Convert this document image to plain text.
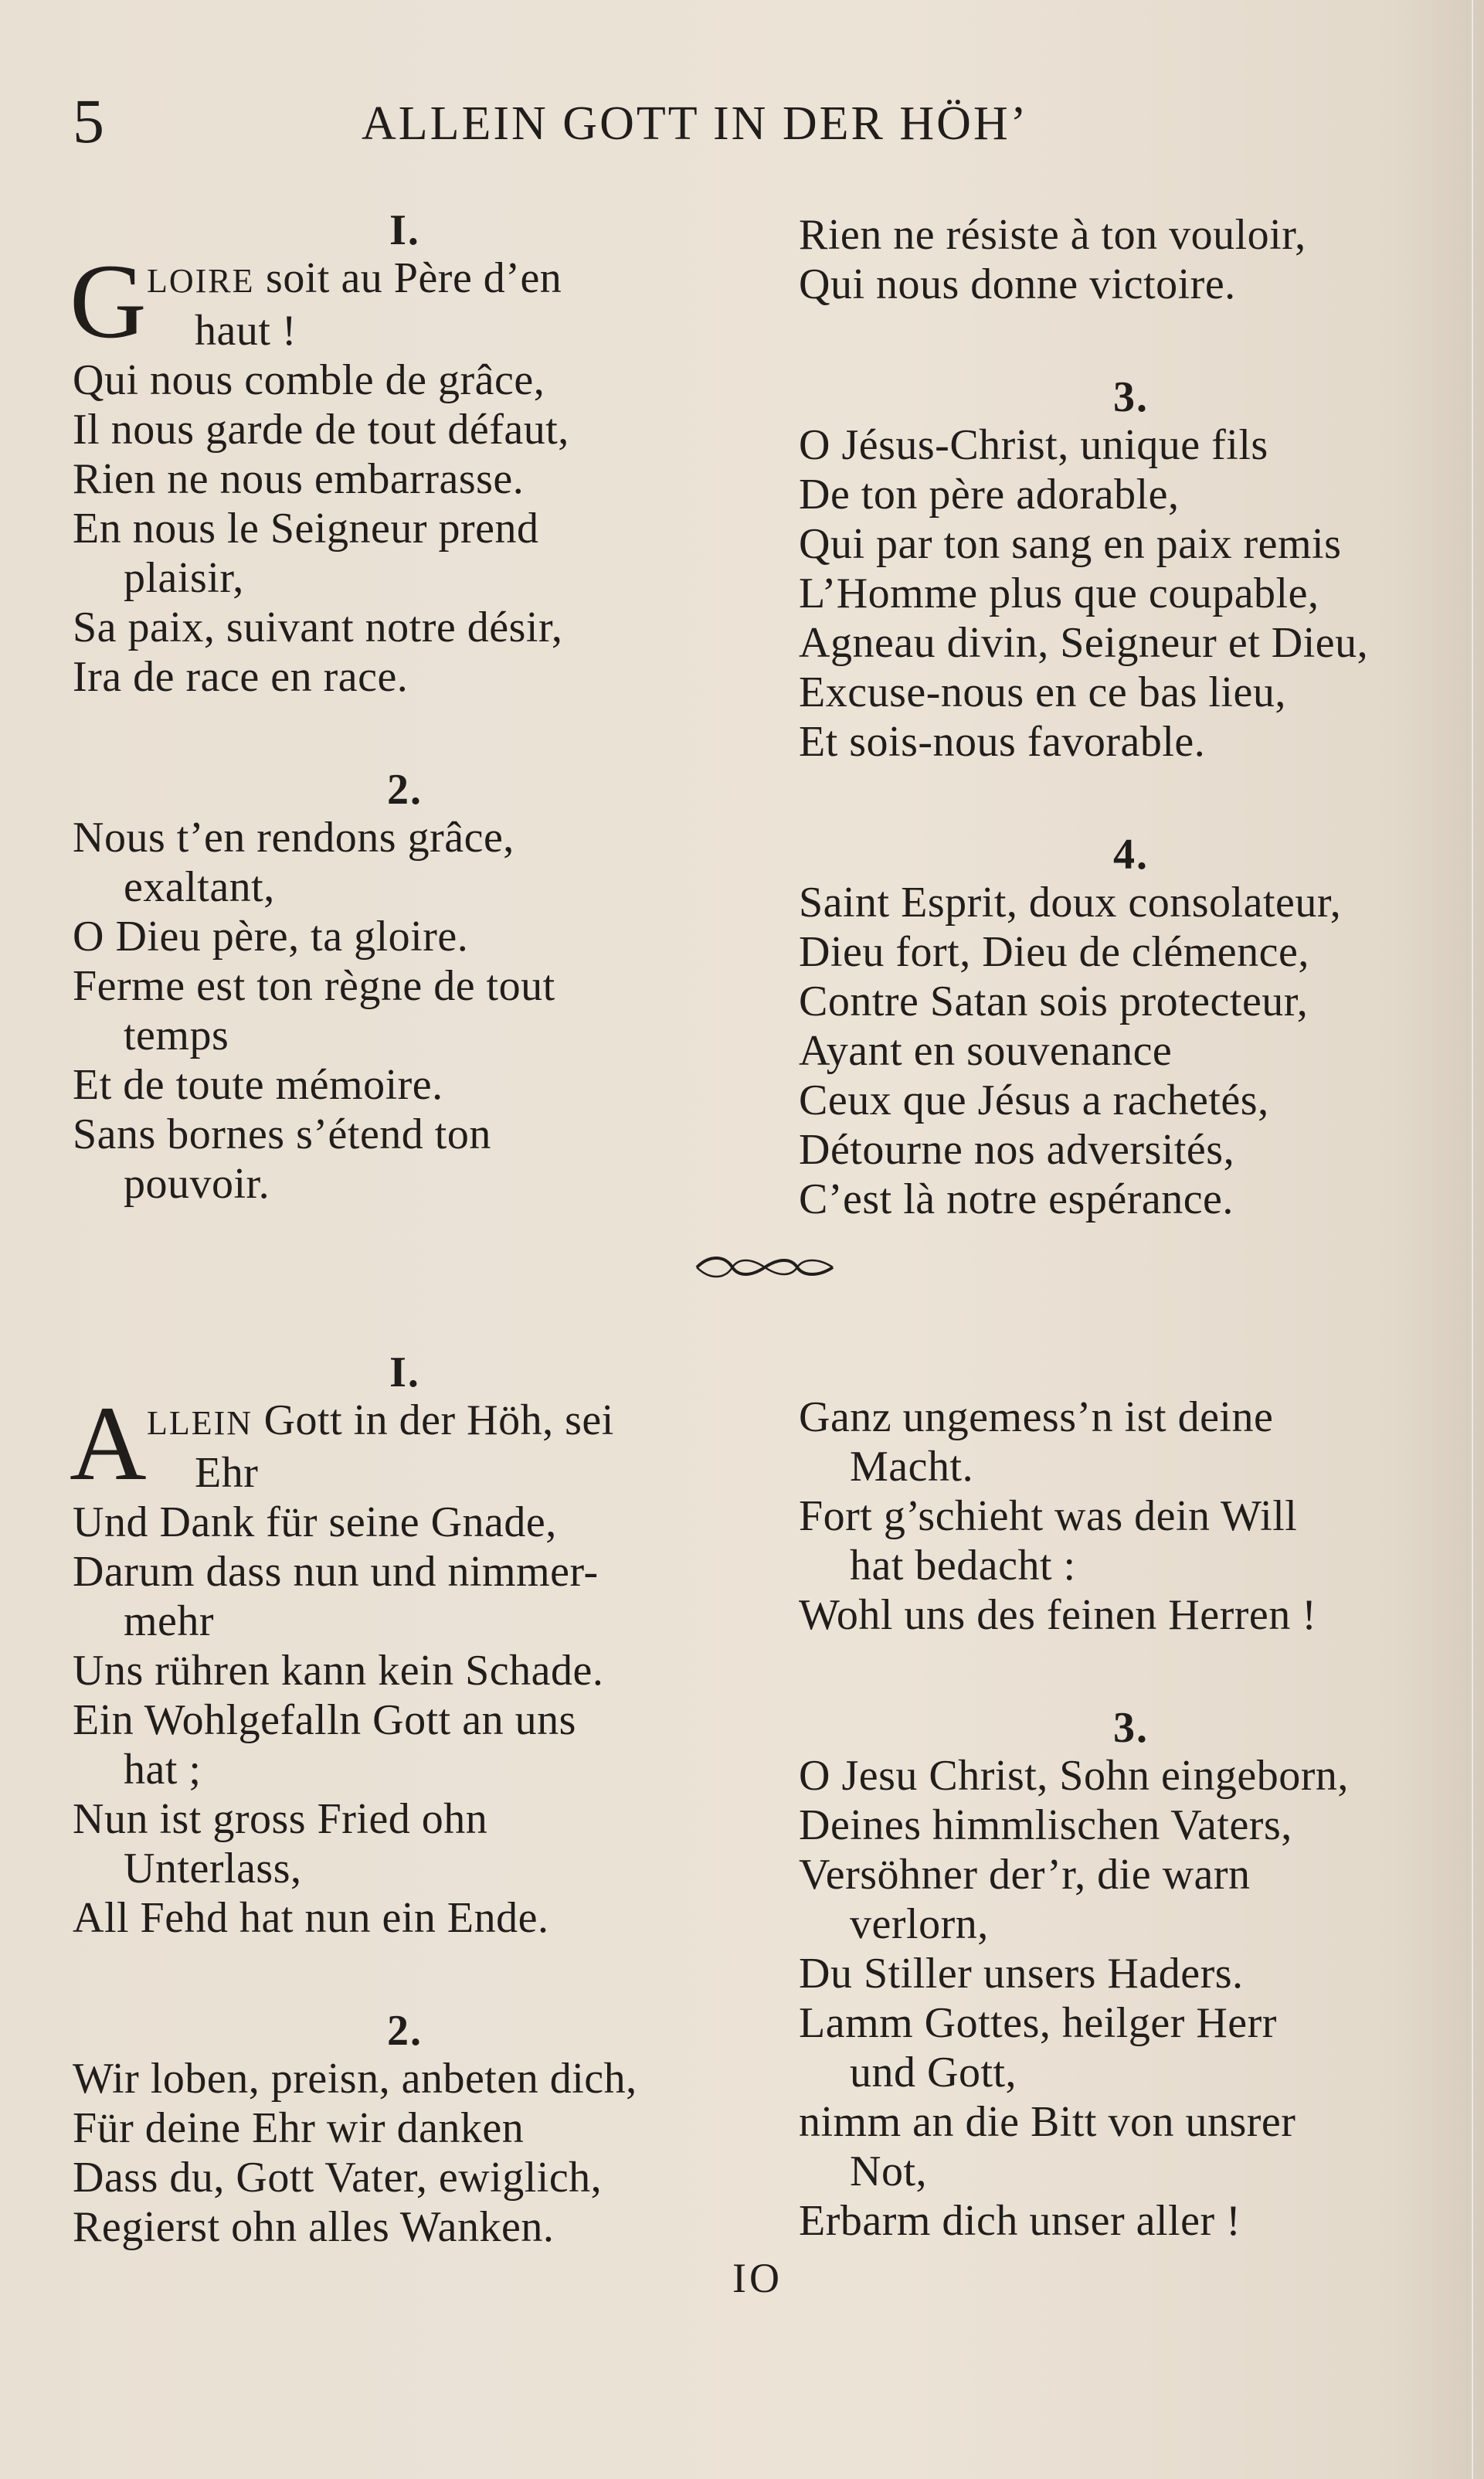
5	ALLEIN GOTT IN DER HÖH’
I.
G LOIRE soit au Père d’en
haut !
Qui nous comble de grâce,
Il nous garde de tout défaut,
Rien ne nous embarrasse.
En nous le Seigneur prend
plaisir,
Sa paix, suivant notre désir,
Ira de race en race.
2.
Nous t’en rendons grâce,
exaltant,
O Dieu père, ta gloire.
Ferme est ton règne de tout
temps
Et de toute mémoire.
Sans bornes s’étend ton
pouvoir.
Rien ne résiste à ton vouloir,
Qui nous donne victoire.
3.
O Jésus-Christ, unique fils
De ton père adorable,
Qui par ton sang en paix remis
L’Homme plus que coupable,
Agneau divin, Seigneur et Dieu,
Excuse-nous en ce bas lieu,
Et sois-nous favorable.
4.
Saint Esprit, doux consolateur,
Dieu fort, Dieu de clémence,
Contre Satan sois protecteur,
Ayant en souvenance
Ceux que Jésus a rachetés,
Détourne nos adversités,
C’est là notre espérance.
I.
A LLEIN Gott in der Höh, sei
Ehr
Und Dank für seine Gnade,
Darum dass nun und nimmer-
mehr
Uns rühren kann kein Schade.
Ein Wohlgefalln Gott an uns
hat ;
Nun ist gross Fried ohn
Unterlass,
All Fehd hat nun ein Ende.
2.
Wir loben, preisn, anbeten dich,
Für deine Ehr wir danken
Dass du, Gott Vater, ewiglich,
Regierst ohn alles Wanken.
Ganz ungemess’n ist deine
Macht.
Fort g’schieht was dein Will
hat bedacht :
Wohl uns des feinen Herren !
3.
O Jesu Christ, Sohn eingeborn,
Deines himmlischen Vaters,
Versöhner der’r, die warn
verlorn,
Du Stiller unsers Haders.
Lamm Gottes, heilger Herr
und Gott,
nimm an die Bitt von unsrer
Not,
Erbarm dich unser aller !
IO
